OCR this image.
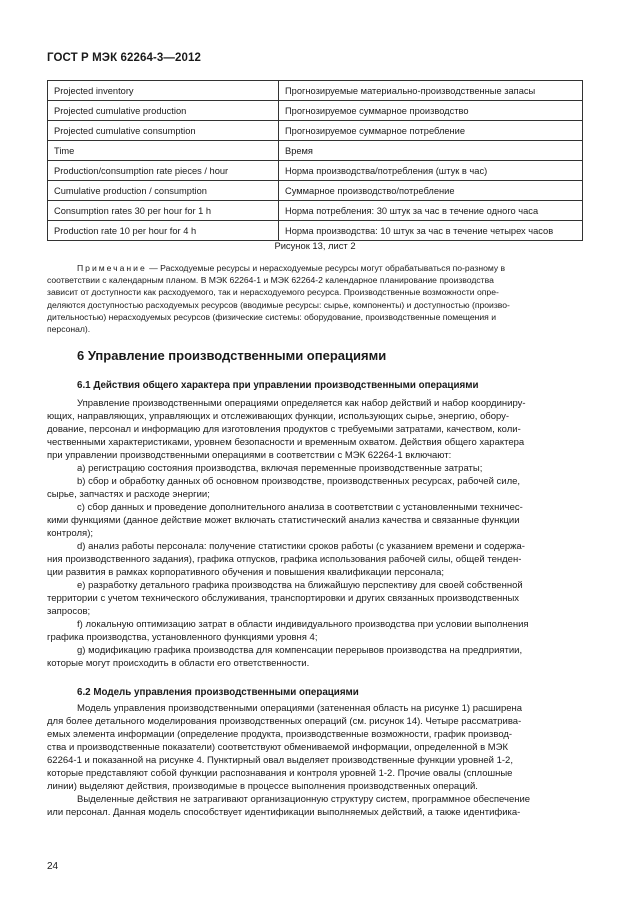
ГОСТ Р МЭК 62264-3—2012
Projected inventory	Прогнозируемые материально-производственные запасы
Projected cumulative production	Прогнозируемое суммарное производство
Projected cumulative consumption	Прогнозируемое суммарное потребление
Time	Время
Production/consumption rate pieces / hour	Норма производства/потребления (штук в час)
Cumulative production / consumption	Суммарное производство/потребление
Consumption rates 30 per hour for 1 h	Норма потребления: 30 штук за час в течение одного часа
Production rate 10 per hour for 4 h	Норма производства: 10 штук за час в течение четырех часов
Рисунок 13, лист 2
Примечание — Расходуемые ресурсы и нерасходуемые ресурсы могут обрабатываться по-разному в
соответствии с календарным планом. В МЭК 62264-1 и МЭК 62264-2 календарное планирование производства
зависит от доступности как расходуемого, так и нерасходуемого ресурса. Производственные возможности опре-
деляются доступностью расходуемых ресурсов (вводимые ресурсы: сырье, компоненты) и доступностью (произво-
дительностью) нерасходуемых ресурсов (физические системы: оборудование, производственные помещения и
персонал).
6 Управление производственными операциями
6.1 Действия общего характера при управлении производственными операциями
Управление производственными операциями определяется как набор действий и набор координиру-
ющих, направляющих, управляющих и отслеживающих функции, использующих сырье, энергию, обору-
дование, персонал и информацию для изготовления продуктов с требуемыми затратами, качеством, коли-
чественными характеристиками, уровнем безопасности и временным охватом. Действия общего характера
при управлении производственными операциями в соответствии с МЭК 62264-1 включают:
a) регистрацию состояния производства, включая переменные производственные затраты;
b) сбор и обработку данных об основном производстве, производственных ресурсах, рабочей силе,
сырье, запчастях и расходе энергии;
c) сбор данных и проведение дополнительного анализа в соответствии с установленными техничес-
кими функциями (данное действие может включать статистический анализ качества и связанные функции
контроля);
d) анализ работы персонала: получение статистики сроков работы (с указанием времени и содержа-
ния производственного задания), графика отпусков, графика использования рабочей силы, общей тенден-
ции развития в рамках корпоративного обучения и повышения квалификации персонала;
e) разработку детального графика производства на ближайшую перспективу для своей собственной
территории с учетом технического обслуживания, транспортировки и других связанных производственных
запросов;
f) локальную оптимизацию затрат в области индивидуального производства при условии выполнения
графика производства, установленного функциями уровня 4;
g) модификацию графика производства для компенсации перерывов производства на предприятии,
которые могут происходить в области его ответственности.
6.2 Модель управления производственными операциями
Модель управления производственными операциями (затененная область на рисунке 1) расширена
для более детального моделирования производственных операций (см. рисунок 14). Четыре рассматрива-
емых элемента информации (определение продукта, производственные возможности, график производ-
ства и производственные показатели) соответствуют обмениваемой информации, определенной в МЭК
62264-1 и показанной на рисунке 4. Пунктирный овал выделяет производственные функции уровней 1-2,
которые представляют собой функции распознавания и контроля уровней 1-2. Прочие овалы (сплошные
линии) выделяют действия, производимые в процессе выполнения производственных операций.
Выделенные действия не затрагивают организационную структуру систем, программное обеспечение
или персонал. Данная модель способствует идентификации выполняемых действий, а также идентифика-
24
